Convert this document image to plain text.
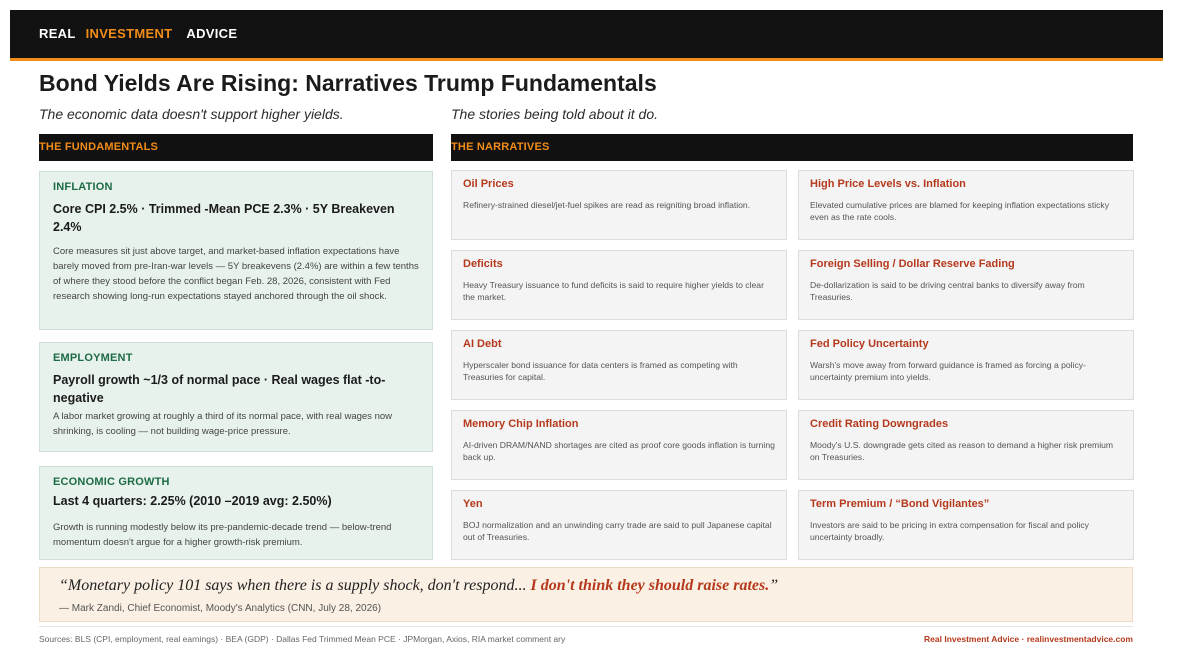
REAL INVESTMENT ADVICE
Bond Yields Are Rising: Narratives Trump Fundamentals
The economic data doesn't support higher yields.	The stories being told about it do.
THE FUNDAMENTALS	THE NARRATIVES
INFLATION
Core CPI 2.5% · Trimmed -Mean PCE 2.3% · 5Y Breakeven 2.4%
Core measures sit just above target, and market-based inflation expectations have barely moved from pre-Iran-war levels — 5Y breakevens (2.4%) are within a few tenths of where they stood before the conflict began Feb. 28, 2026, consistent with Fed research showing long-run expectations stayed anchored through the oil shock.
EMPLOYMENT
Payroll growth ~1/3 of normal pace · Real wages flat -to-negative
A labor market growing at roughly a third of its normal pace, with real wages now shrinking, is cooling — not building wage-price pressure.
ECONOMIC GROWTH
Last 4 quarters: 2.25% (2010 –2019 avg: 2.50%)
Growth is running modestly below its pre-pandemic-decade trend — below-trend momentum doesn't argue for a higher growth-risk premium.
Oil Prices
Refinery-strained diesel/jet-fuel spikes are read as reigniting broad inflation.
High Price Levels vs. Inflation
Elevated cumulative prices are blamed for keeping inflation expectations sticky even as the rate cools.
Deficits
Heavy Treasury issuance to fund deficits is said to require higher yields to clear the market.
Foreign Selling / Dollar Reserve Fading
De-dollarization is said to be driving central banks to diversify away from Treasuries.
AI Debt
Hyperscaler bond issuance for data centers is framed as competing with Treasuries for capital.
Fed Policy Uncertainty
Warsh's move away from forward guidance is framed as forcing a policy-uncertainty premium into yields.
Memory Chip Inflation
AI-driven DRAM/NAND shortages are cited as proof core goods inflation is turning back up.
Credit Rating Downgrades
Moody's U.S. downgrade gets cited as reason to demand a higher risk premium on Treasuries.
Yen
BOJ normalization and an unwinding carry trade are said to pull Japanese capital out of Treasuries.
Term Premium / “Bond Vigilantes”
Investors are said to be pricing in extra compensation for fiscal and policy uncertainty broadly.
“Monetary policy 101 says when there is a supply shock, don't respond... I don't think they should raise rates.”
— Mark Zandi, Chief Economist, Moody's Analytics (CNN, July 28, 2026)
Sources: BLS (CPI, employment, real earnings) · BEA (GDP) · Dallas Fed Trimmed Mean PCE · JPMorgan, Axios, RIA market comment ary	Real Investment Advice · realinvestmentadvice.com
